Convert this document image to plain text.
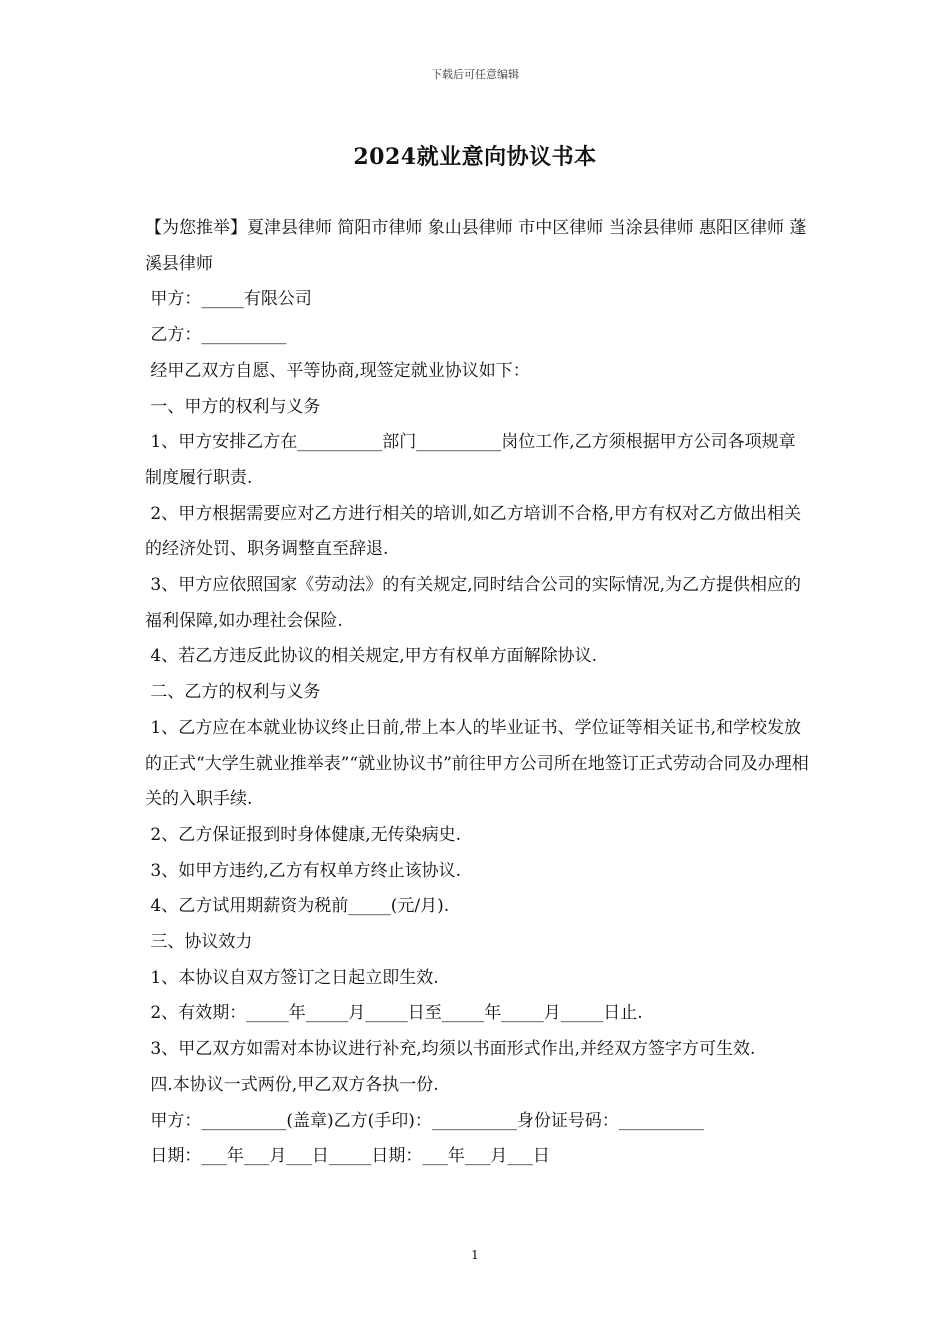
下载后可任意编辑
2024就业意向协议书本

【为您推举】夏津县律师 简阳市律师 象山县律师 市中区律师 当涂县律师 惠阳区律师 蓬溪县律师

甲方：_____有限公司

乙方：__________

经甲乙双方自愿、平等协商,现签定就业协议如下：

一、甲方的权利与义务

1、甲方安排乙方在__________部门__________岗位工作,乙方须根据甲方公司各项规章制度履行职责.

2、甲方根据需要应对乙方进行相关的培训,如乙方培训不合格,甲方有权对乙方做出相关的经济处罚、职务调整直至辞退.

3、甲方应依照国家《劳动法》的有关规定,同时结合公司的实际情况,为乙方提供相应的福利保障,如办理社会保险.

4、若乙方违反此协议的相关规定,甲方有权单方面解除协议.

二、乙方的权利与义务

1、乙方应在本就业协议终止日前,带上本人的毕业证书、学位证等相关证书,和学校发放的正式“大学生就业推举表”“就业协议书”前往甲方公司所在地签订正式劳动合同及办理相关的入职手续.

2、乙方保证报到时身体健康,无传染病史.

3、如甲方违约,乙方有权单方终止该协议.

4、乙方试用期薪资为税前_____(元/月).

三、协议效力

1、本协议自双方签订之日起立即生效.

2、有效期：_____年_____月_____日至_____年_____月_____日止.

3、甲乙双方如需对本协议进行补充,均须以书面形式作出,并经双方签字方可生效.

四.本协议一式两份,甲乙双方各执一份.

甲方：__________(盖章)乙方(手印)：__________身份证号码：__________

日期：___年___月___日_____日期：___年___月___日

1
